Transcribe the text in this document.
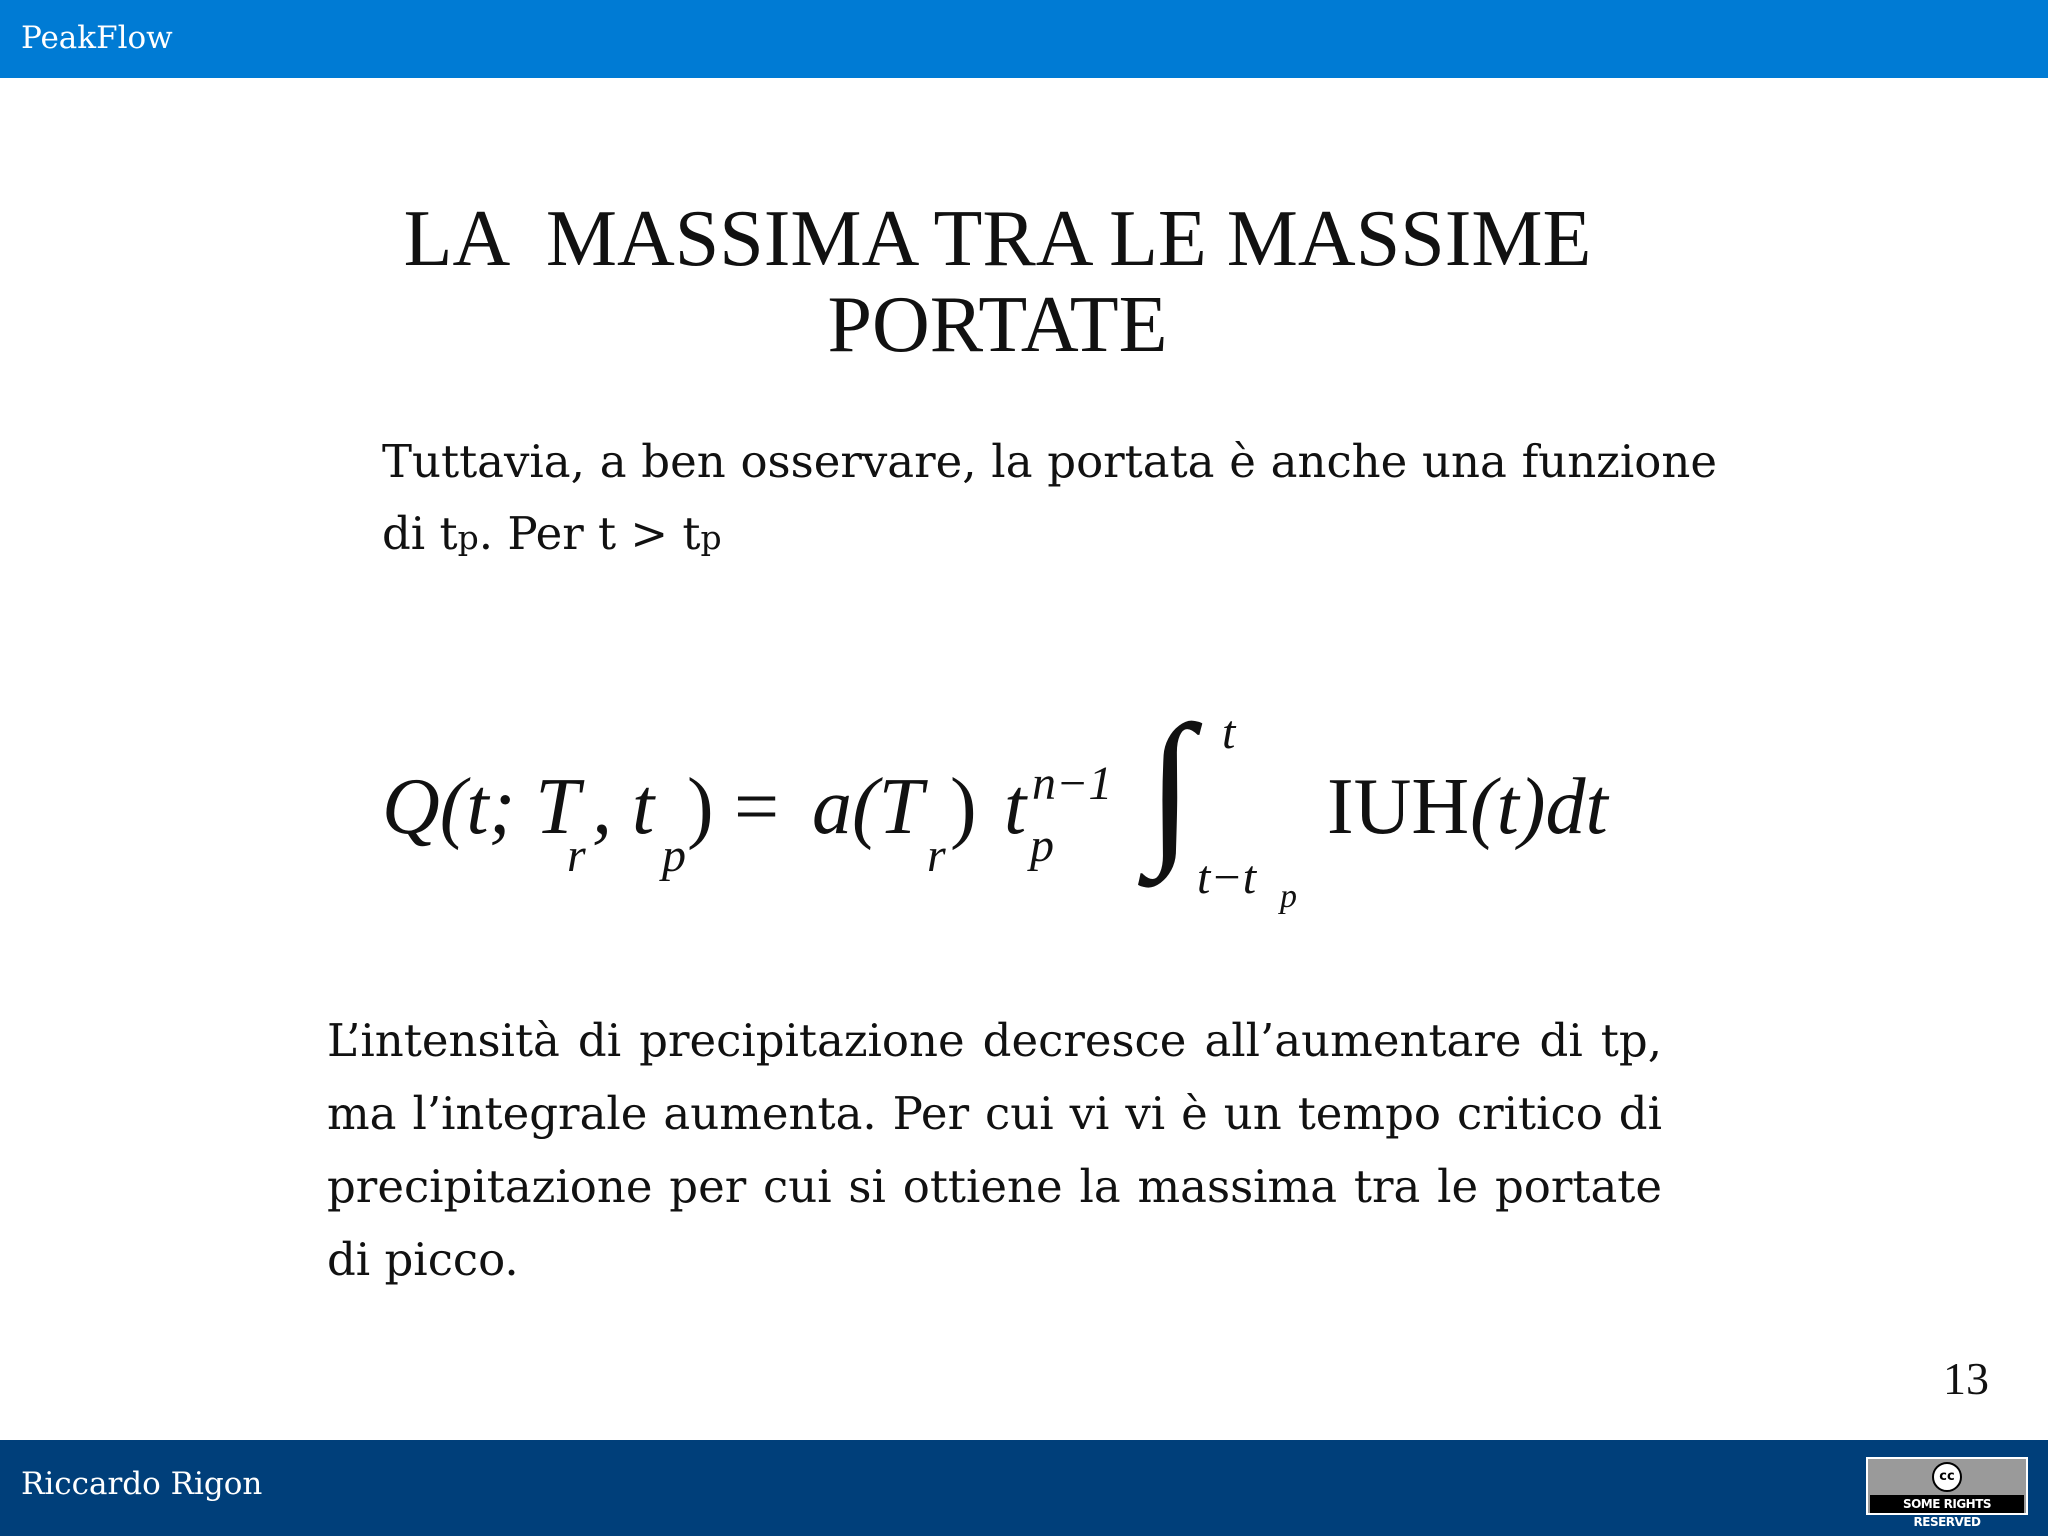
PeakFlow
LA  MASSIMA TRA LE MASSIME
PORTATE
Tuttavia, a ben osservare, la portata è anche una funzione di tp. Per t > tp
Q(t; T
r
, t
p
) = a(T
r
) t n−1
p ∫ t
t−t p
IUH (t)dt
L’intensità di precipitazione decresce all’aumentare di tp, ma l’integrale aumenta. Per cui vi vi è un tempo critico di precipitazione per cui si ottiene la massima tra le portate di picco.
13
Riccardo Rigon	cc
SOME RIGHTS RESERVED
